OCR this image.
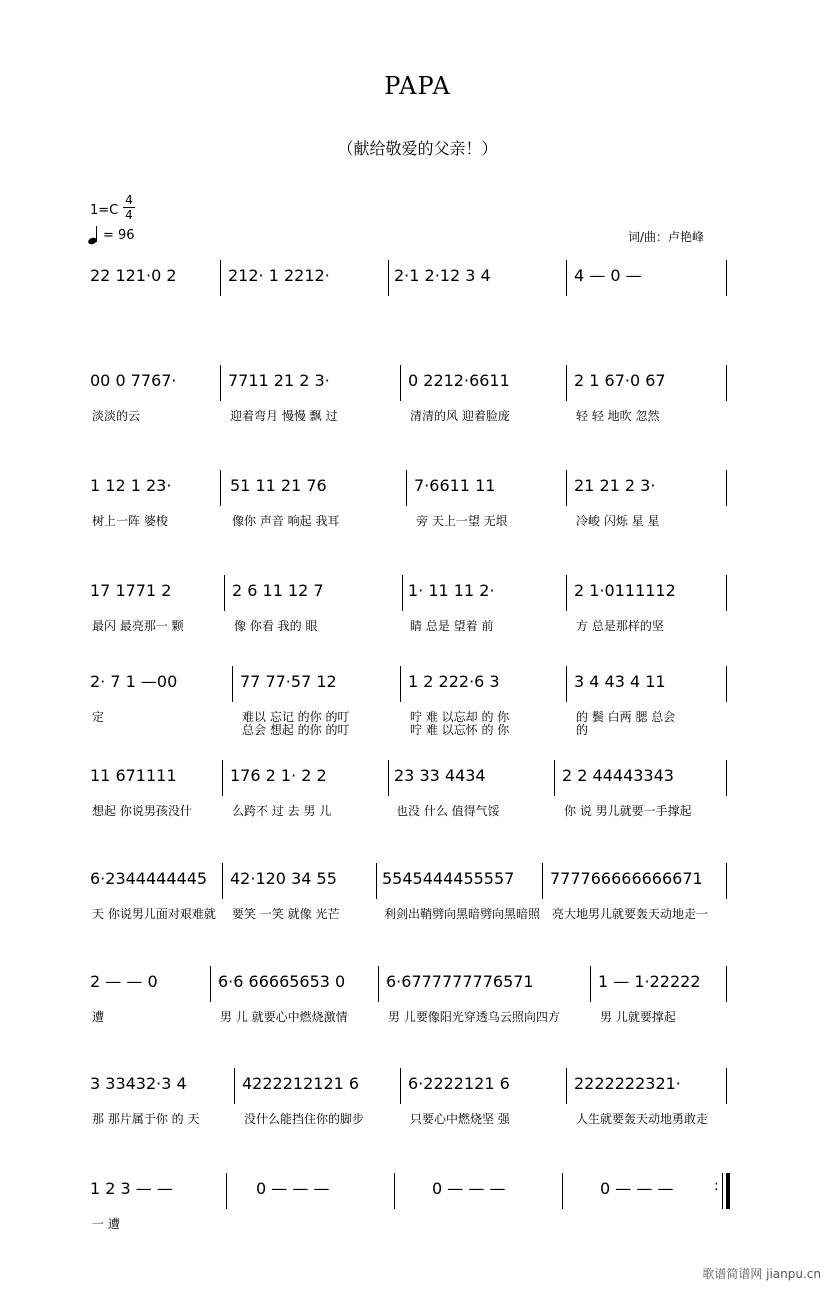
PAPA
（献给敬爱的父亲！）
1=C
4
4
= 96	词/曲：卢艳峰
22 121·0 2	212· 1 2212·	2·1 2·12 3 4	4 — 0 —
00 0 7767·	7711 21 2 3·	0 2212·6611	2 1 67·0 67
淡淡的云	迎着弯月 慢慢 飘 过	清清的风 迎着脸庞	轻 轻 地吹 忽然
1 12 1 23·	51 11 21 76	7·6611 11	21 21 2 3·
树上一阵 婆梭	像你 声音 响起 我耳	旁 天上一望 无垠	冷峻 闪烁 星 星
17 1771 2	2 6 11 12 7	1· 11 11 2·	2 1·0111112
最闪 最亮那一 颗	像 你看 我的 眼	睛 总是 望着 前	方 总是那样的坚
2· 7 1 —00	77 77·57 12	1 2 222·6 3	3 4 43 4 11
定	难以 忘记 的你 的叮	咛 难 以忘却 的 你	的 鬓 白两 腮 总会
总会 想起 的你 的叮	咛 难 以忘怀 的 你	的
11 671111	176 2 1· 2 2	23 33 4434	2 2 44443343
想起 你说男孩没什	么跨不 过 去 男 儿	也没 什么 值得气馁	你 说 男儿就要一手撑起
6·2344444445 42·120 34 55	5545444455557 777766666666671
天 你说男儿面对艰难就 要笑 一笑 就像 光芒	利剑出鞘劈向黑暗劈向黑暗照 亮大地男儿就要轰天动地走一
2 — — 0	6·6 66665653 0	6·6777777776571	1 — 1·22222
遭	男 儿 就要心中燃烧激情	男 儿要像阳光穿透乌云照向四方	男 儿就要撑起
3 33432·3 4	4222212121 6	6·2222121 6	2222222321·
那 那片属于你 的 天	没什么能挡住你的脚步	只要心中燃烧坚 强	人生就要轰天动地勇敢走
1 2 3 — —	0 — — —	0 — — —	0 — — —	:

一 遭
歌谱简谱网 jianpu.cn
